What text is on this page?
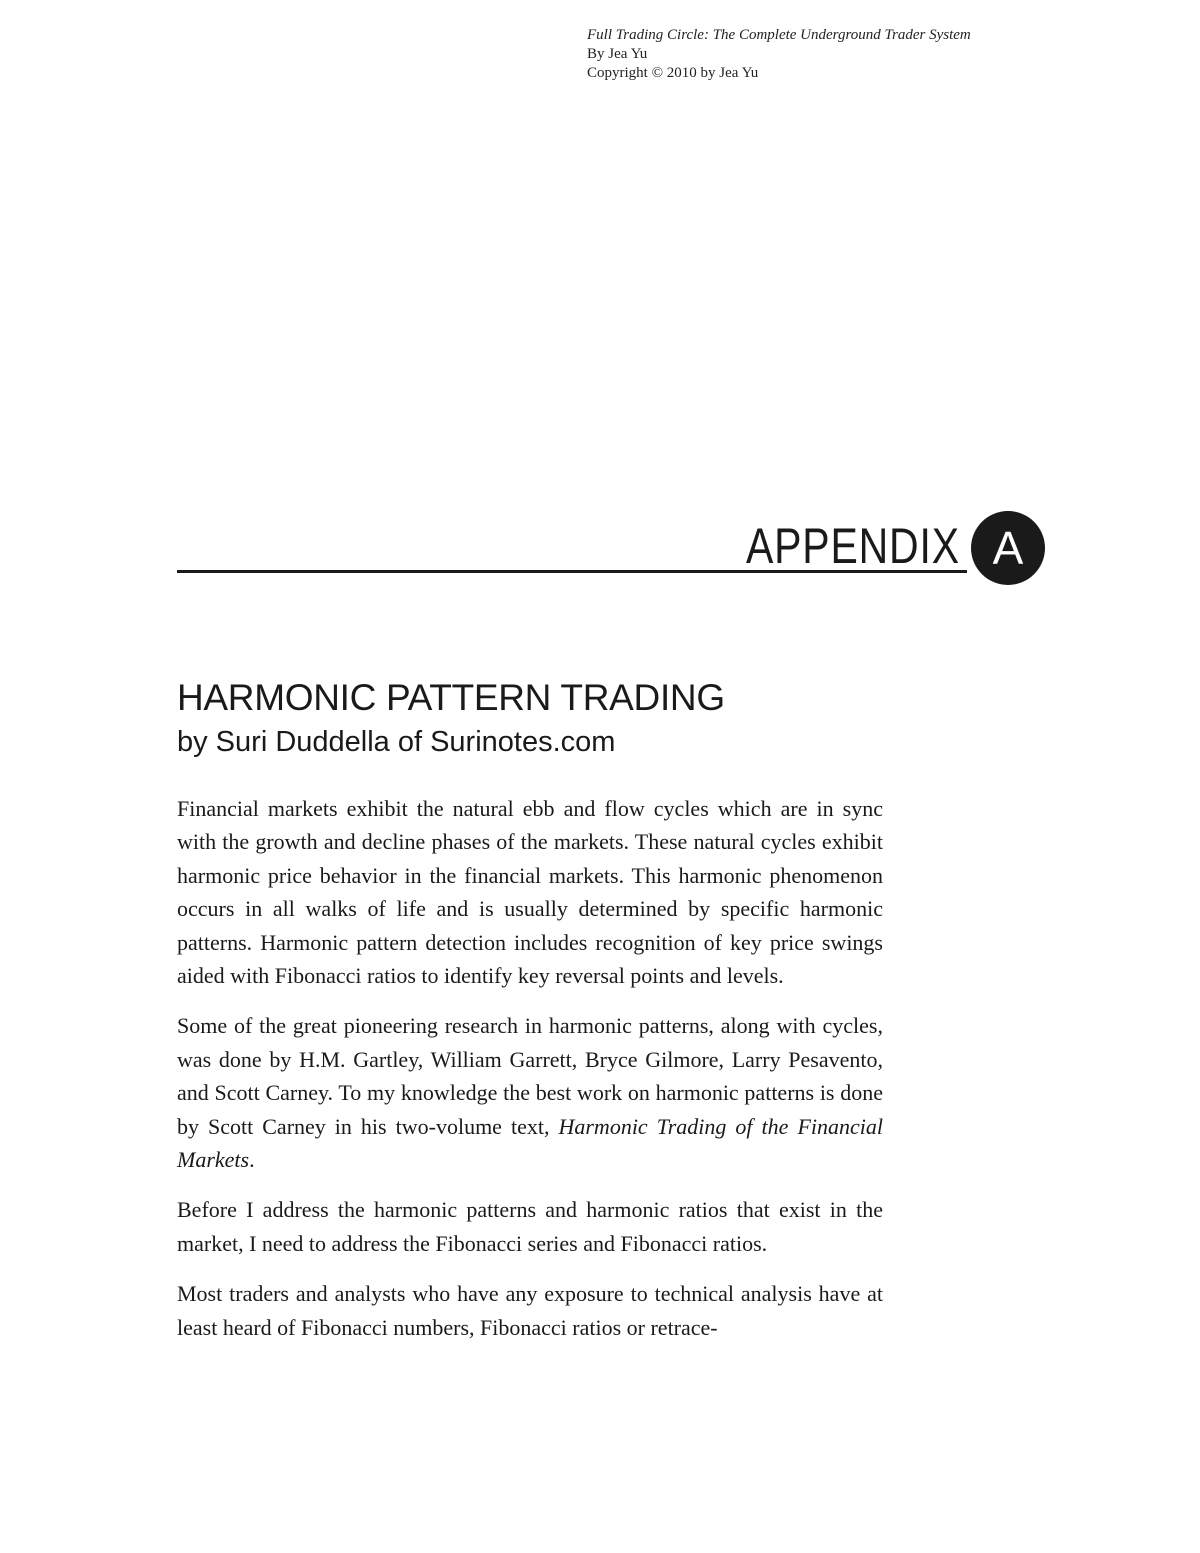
Full Trading Circle: The Complete Underground Trader System
By Jea Yu
Copyright © 2010 by Jea Yu
APPENDIX A
HARMONIC PATTERN TRADING
by Suri Duddella of Surinotes.com

Financial markets exhibit the natural ebb and flow cycles which are in sync with the growth and decline phases of the markets. These natural cycles exhibit harmonic price behavior in the financial markets. This harmonic phenomenon occurs in all walks of life and is usually determined by specific harmonic patterns. Harmonic pattern detection includes recognition of key price swings aided with Fibonacci ratios to identify key reversal points and levels.

Some of the great pioneering research in harmonic patterns, along with cycles, was done by H.M. Gartley, William Garrett, Bryce Gilmore, Larry Pesavento, and Scott Carney. To my knowledge the best work on harmonic patterns is done by Scott Carney in his two-volume text, Harmonic Trading of the Financial Markets.

Before I address the harmonic patterns and harmonic ratios that exist in the market, I need to address the Fibonacci series and Fibonacci ratios.

Most traders and analysts who have any exposure to technical analysis have at least heard of Fibonacci numbers, Fibonacci ratios or retrace-
